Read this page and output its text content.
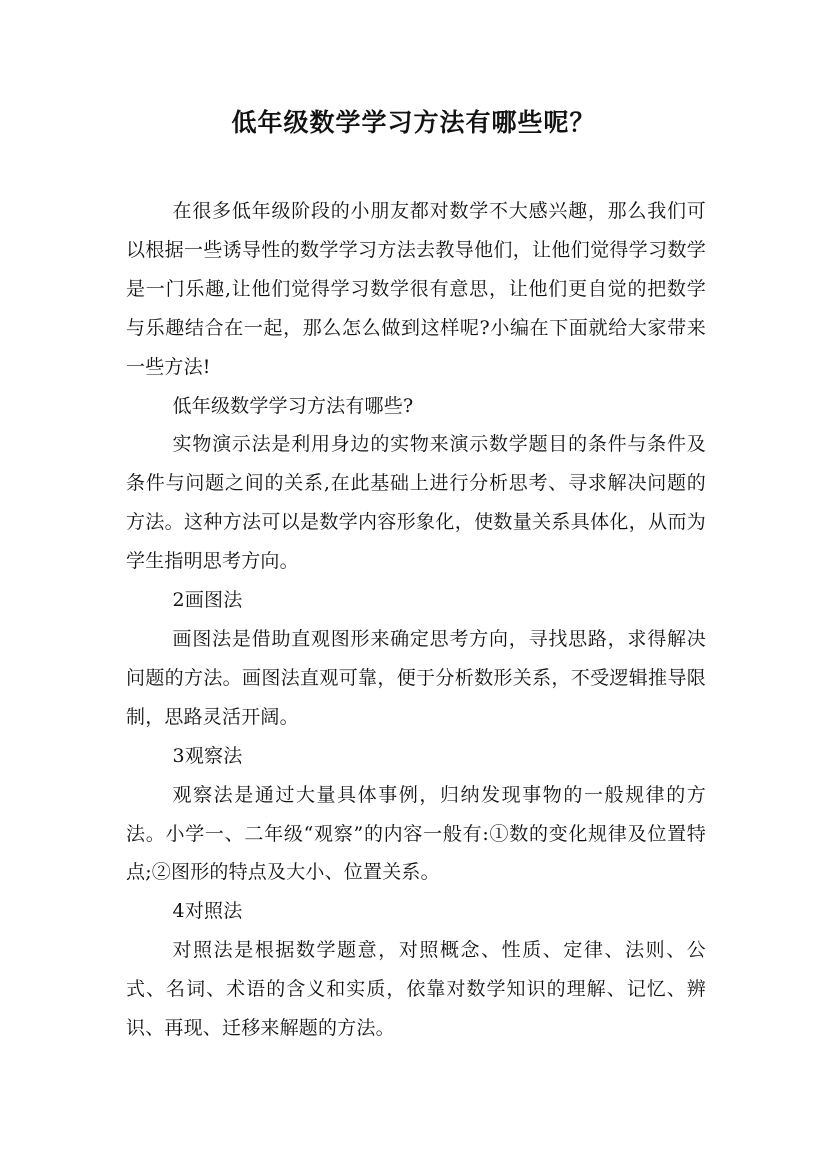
低年级数学学习方法有哪些呢？

在很多低年级阶段的小朋友都对数学不大感兴趣，那么我们可以根据一些诱导性的数学学习方法去教导他们，让他们觉得学习数学是一门乐趣,让他们觉得学习数学很有意思，让他们更自觉的把数学与乐趣结合在一起，那么怎么做到这样呢?小编在下面就给大家带来一些方法!

低年级数学学习方法有哪些?

实物演示法是利用身边的实物来演示数学题目的条件与条件及条件与问题之间的关系,在此基础上进行分析思考、寻求解决问题的方法。这种方法可以是数学内容形象化，使数量关系具体化，从而为学生指明思考方向。

2画图法

画图法是借助直观图形来确定思考方向，寻找思路，求得解决问题的方法。画图法直观可靠，便于分析数形关系，不受逻辑推导限制，思路灵活开阔。

3观察法

观察法是通过大量具体事例，归纳发现事物的一般规律的方法。小学一、二年级“观察”的内容一般有:①数的变化规律及位置特点;②图形的特点及大小、位置关系。

4对照法

对照法是根据数学题意，对照概念、性质、定律、法则、公式、名词、术语的含义和实质，依靠对数学知识的理解、记忆、辨识、再现、迁移来解题的方法。
